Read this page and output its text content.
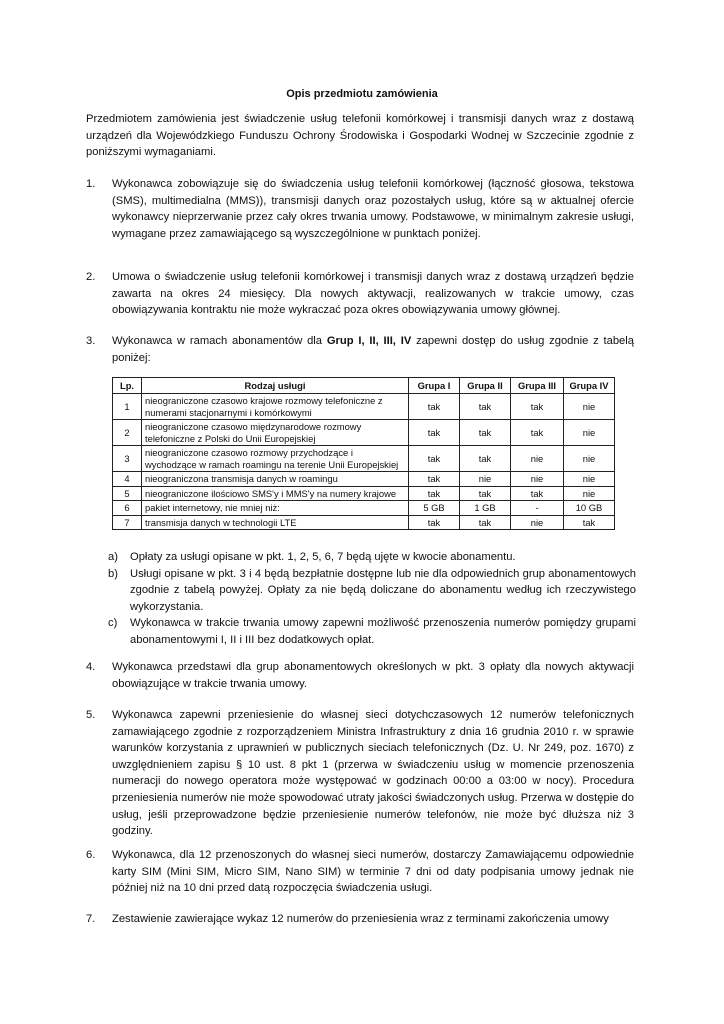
Opis przedmiotu zamówienia
Przedmiotem zamówienia jest świadczenie usług telefonii komórkowej i transmisji danych wraz z dostawą urządzeń dla Wojewódzkiego Funduszu Ochrony Środowiska i Gospodarki Wodnej w Szczecinie zgodnie z poniższymi wymaganiami.
1.	Wykonawca zobowiązuje się do świadczenia usług telefonii komórkowej (łączność głosowa, tekstowa (SMS), multimedialna (MMS)), transmisji danych oraz pozostałych usług, które są w aktualnej ofercie wykonawcy nieprzerwanie przez cały okres trwania umowy. Podstawowe, w minimalnym zakresie usługi, wymagane przez zamawiającego są wyszczególnione w punktach poniżej.
2.	Umowa o świadczenie usług telefonii komórkowej i transmisji danych wraz z dostawą urządzeń będzie zawarta na okres 24 miesięcy. Dla nowych aktywacji, realizowanych w trakcie umowy, czas obowiązywania kontraktu nie może wykraczać poza okres obowiązywania umowy głównej.
3.	Wykonawca w ramach abonamentów dla Grup I, II, III, IV zapewni dostęp do usług zgodnie z tabelą poniżej:
Lp.	Rodzaj usługi	Grupa I	Grupa II	Grupa III	Grupa IV
1	nieograniczone czasowo krajowe rozmowy telefoniczne z numerami stacjonarnymi i komórkowymi	tak	tak	tak	nie
2	nieograniczone czasowo międzynarodowe rozmowy telefoniczne z Polski do Unii Europejskiej	tak	tak	tak	nie
3	nieograniczone czasowo rozmowy przychodzące i wychodzące w ramach roamingu na terenie Unii Europejskiej	tak	tak	nie	nie
4	nieograniczona transmisja danych w roamingu	tak	nie	nie	nie
5	nieograniczone ilościowo SMS'y i MMS'y na numery krajowe	tak	tak	tak	nie
6	pakiet internetowy, nie mniej niż:	5 GB	1 GB	-	10 GB
7	transmisja danych w technologii LTE	tak	tak	nie	tak
a)	Opłaty za usługi opisane w pkt. 1, 2, 5, 6, 7 będą ujęte w kwocie abonamentu.
b)	Usługi opisane w pkt. 3 i 4 będą bezpłatnie dostępne lub nie dla odpowiednich grup abonamentowych zgodnie z tabelą powyżej. Opłaty za nie będą doliczane do abonamentu według ich rzeczywistego wykorzystania.
c)	Wykonawca w trakcie trwania umowy zapewni możliwość przenoszenia numerów pomiędzy grupami abonamentowymi I, II i III bez dodatkowych opłat.
4.	Wykonawca przedstawi dla grup abonamentowych określonych w pkt. 3 opłaty dla nowych aktywacji obowiązujące w trakcie trwania umowy.
5.	Wykonawca zapewni przeniesienie do własnej sieci dotychczasowych 12 numerów telefonicznych zamawiającego zgodnie z rozporządzeniem Ministra Infrastruktury z dnia 16 grudnia 2010 r. w sprawie warunków korzystania z uprawnień w publicznych sieciach telefonicznych (Dz. U. Nr 249, poz. 1670) z uwzględnieniem zapisu § 10 ust. 8 pkt 1 (przerwa w świadczeniu usług w momencie przenoszenia numeracji do nowego operatora może występować w godzinach 00:00 a 03:00 w nocy). Procedura przeniesienia numerów nie może spowodować utraty jakości świadczonych usług. Przerwa w dostępie do usług, jeśli przeprowadzone będzie przeniesienie numerów telefonów, nie może być dłuższa niż 3 godziny.
6.	Wykonawca, dla 12 przenoszonych do własnej sieci numerów, dostarczy Zamawiającemu odpowiednie karty SIM (Mini SIM, Micro SIM, Nano SIM) w terminie 7 dni od daty podpisania umowy jednak nie później niż na 10 dni przed datą rozpoczęcia świadczenia usługi.
7.	Zestawienie zawierające wykaz 12 numerów do przeniesienia wraz z terminami zakończenia umowy
